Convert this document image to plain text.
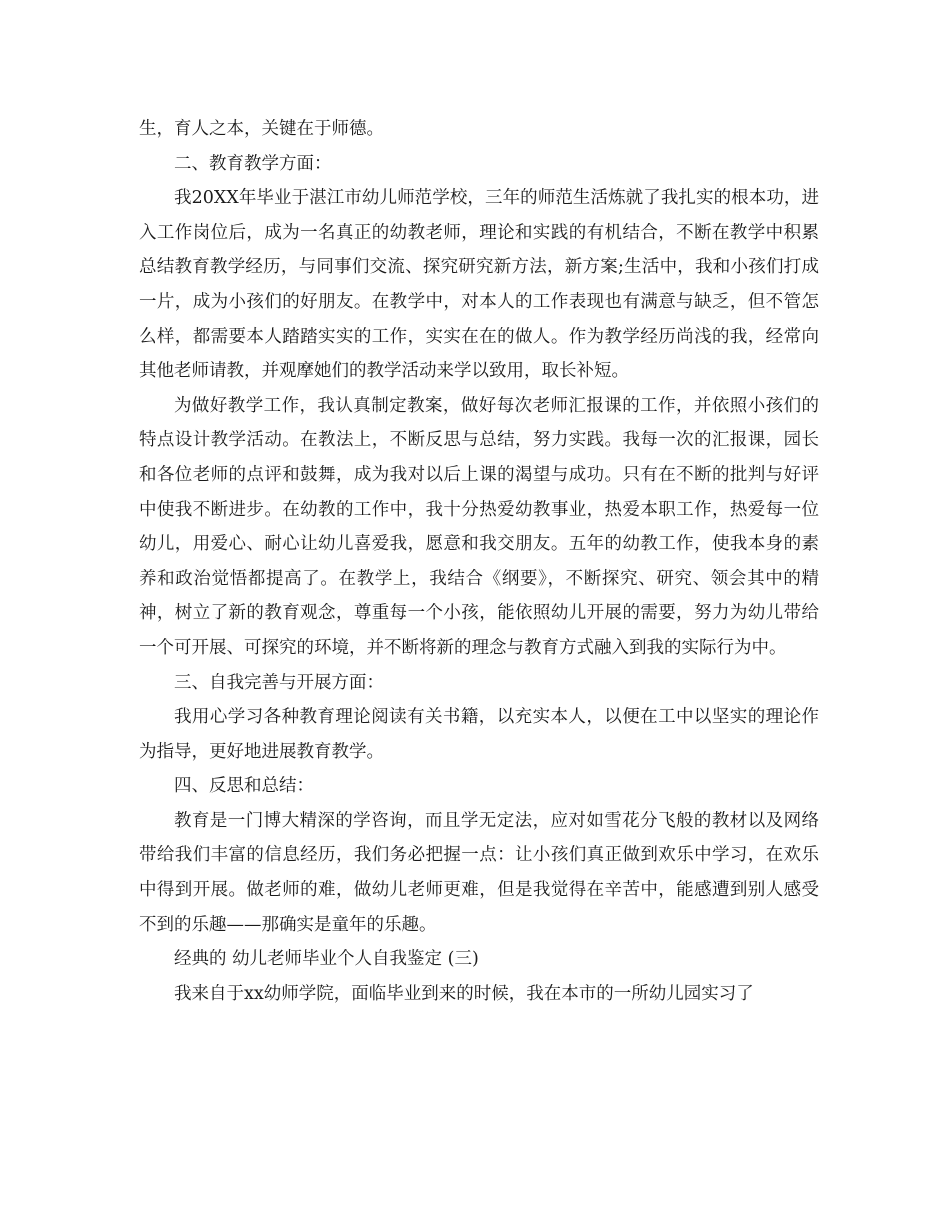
生，育人之本，关键在于师德。

二、教育教学方面：

我20XX年毕业于湛江市幼儿师范学校，三年的师范生活炼就了我扎实的根本功，进入工作岗位后，成为一名真正的幼教老师，理论和实践的有机结合，不断在教学中积累总结教育教学经历，与同事们交流、探究研究新方法，新方案;生活中，我和小孩们打成一片，成为小孩们的好朋友。在教学中，对本人的工作表现也有满意与缺乏，但不管怎么样，都需要本人踏踏实实的工作，实实在在的做人。作为教学经历尚浅的我，经常向其他老师请教，并观摩她们的教学活动来学以致用，取长补短。

为做好教学工作，我认真制定教案，做好每次老师汇报课的工作，并依照小孩们的特点设计教学活动。在教法上，不断反思与总结，努力实践。我每一次的汇报课，园长和各位老师的点评和鼓舞，成为我对以后上课的渴望与成功。只有在不断的批判与好评中使我不断进步。在幼教的工作中，我十分热爱幼教事业，热爱本职工作，热爱每一位幼儿，用爱心、耐心让幼儿喜爱我，愿意和我交朋友。五年的幼教工作，使我本身的素养和政治觉悟都提高了。在教学上，我结合《纲要》，不断探究、研究、领会其中的精神，树立了新的教育观念，尊重每一个小孩，能依照幼儿开展的需要，努力为幼儿带给一个可开展、可探究的环境，并不断将新的理念与教育方式融入到我的实际行为中。

三、自我完善与开展方面：

我用心学习各种教育理论阅读有关书籍，以充实本人，以便在工中以坚实的理论作为指导，更好地进展教育教学。

四、反思和总结：

教育是一门博大精深的学咨询，而且学无定法，应对如雪花分飞般的教材以及网络带给我们丰富的信息经历，我们务必把握一点：让小孩们真正做到欢乐中学习，在欢乐中得到开展。做老师的难，做幼儿老师更难，但是我觉得在辛苦中，能感遭到别人感受不到的乐趣——那确实是童年的乐趣。

经典的 幼儿老师毕业个人自我鉴定 (三)

我来自于xx幼师学院，面临毕业到来的时候，我在本市的一所幼儿园实习了
